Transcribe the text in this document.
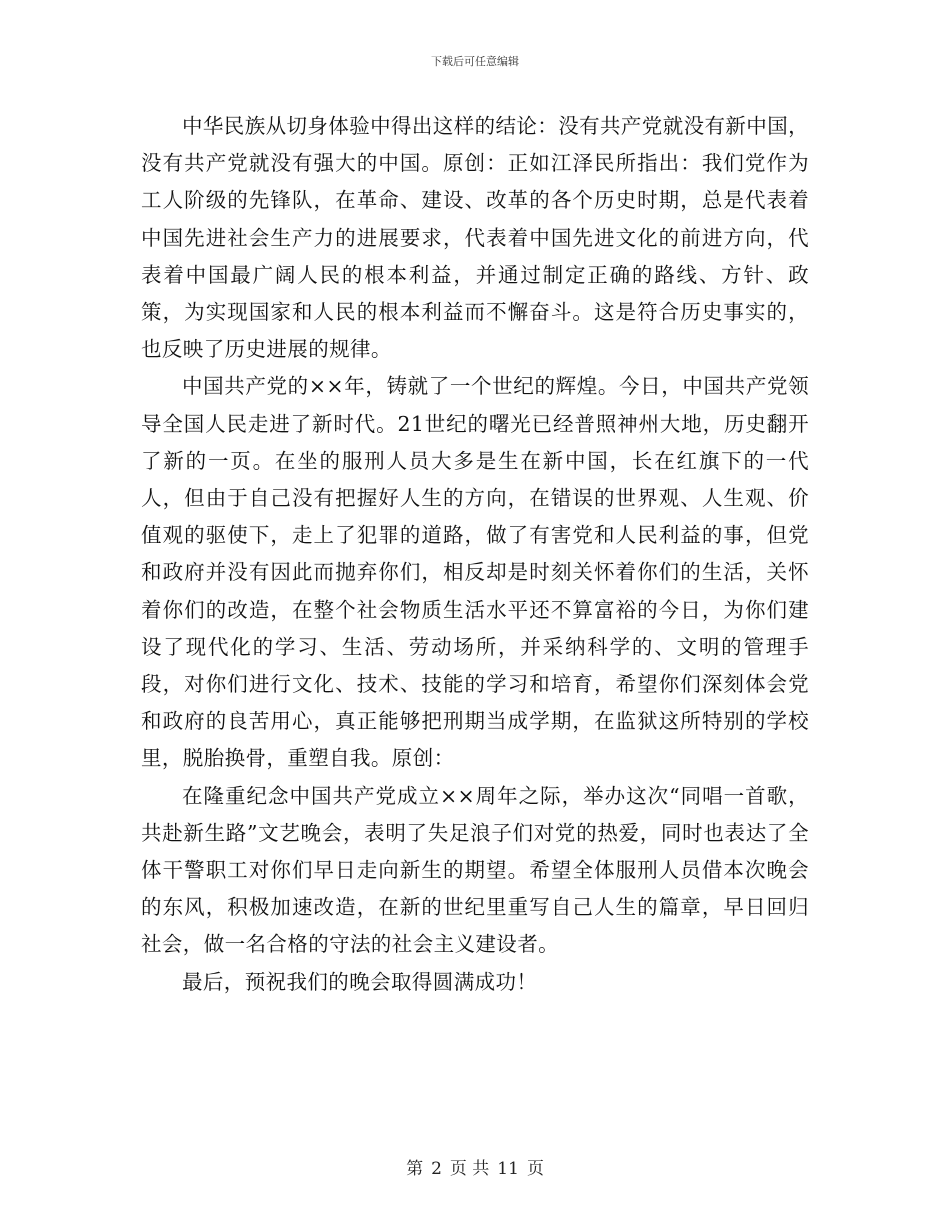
下载后可任意编辑

中华民族从切身体验中得出这样的结论：没有共产党就没有新中国，没有共产党就没有强大的中国。原创：正如江泽民所指出：我们党作为工人阶级的先锋队，在革命、建设、改革的各个历史时期，总是代表着中国先进社会生产力的进展要求，代表着中国先进文化的前进方向，代表着中国最广阔人民的根本利益，并通过制定正确的路线、方针、政策，为实现国家和人民的根本利益而不懈奋斗。这是符合历史事实的，也反映了历史进展的规律。

中国共产党的××年，铸就了一个世纪的辉煌。今日，中国共产党领导全国人民走进了新时代。21世纪的曙光已经普照神州大地，历史翻开了新的一页。在坐的服刑人员大多是生在新中国，长在红旗下的一代人，但由于自己没有把握好人生的方向，在错误的世界观、人生观、价值观的驱使下，走上了犯罪的道路，做了有害党和人民利益的事，但党和政府并没有因此而抛弃你们，相反却是时刻关怀着你们的生活，关怀着你们的改造，在整个社会物质生活水平还不算富裕的今日，为你们建设了现代化的学习、生活、劳动场所，并采纳科学的、文明的管理手段，对你们进行文化、技术、技能的学习和培育，希望你们深刻体会党和政府的良苦用心，真正能够把刑期当成学期，在监狱这所特别的学校里，脱胎换骨，重塑自我。原创：

在隆重纪念中国共产党成立××周年之际，举办这次“同唱一首歌，共赴新生路”文艺晚会，表明了失足浪子们对党的热爱，同时也表达了全体干警职工对你们早日走向新生的期望。希望全体服刑人员借本次晚会的东风，积极加速改造，在新的世纪里重写自己人生的篇章，早日回归社会，做一名合格的守法的社会主义建设者。

最后，预祝我们的晚会取得圆满成功！

第 2 页 共 11 页
